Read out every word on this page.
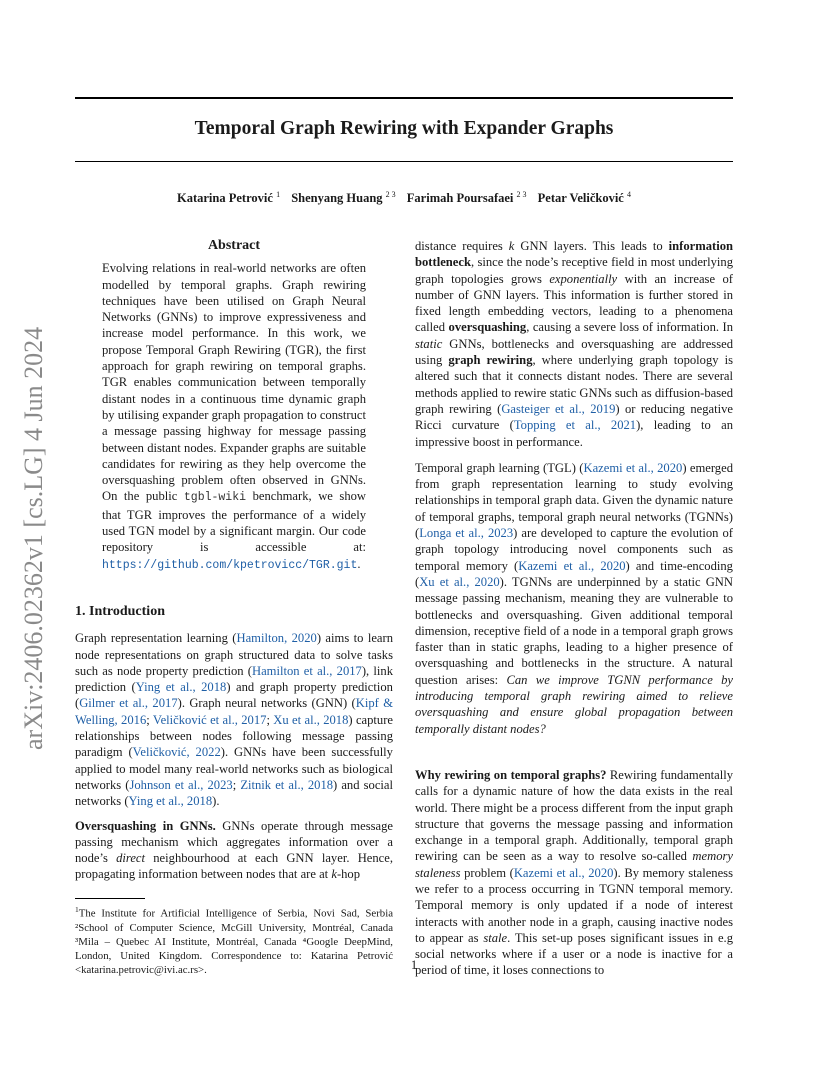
arXiv:2406.02362v1 [cs.LG] 4 Jun 2024
Temporal Graph Rewiring with Expander Graphs
Katarina Petrović $^1$ Shenyang Huang $^{2 3}$ Farimah Poursafaei $^{2 3}$ Petar Veličković $^4$
Abstract
Evolving relations in real-world networks are often modelled by temporal graphs. Graph rewiring techniques have been utilised on Graph Neural Networks (GNNs) to improve expressiveness and increase model performance. In this work, we propose Temporal Graph Rewiring (TGR), the first approach for graph rewiring on temporal graphs. TGR enables communication between temporally distant nodes in a continuous time dynamic graph by utilising expander graph propagation to construct a message passing highway for message passing between distant nodes. Expander graphs are suitable candidates for rewiring as they help overcome the oversquashing problem often observed in GNNs. On the public tgbl-wiki benchmark, we show that TGR improves the performance of a widely used TGN model by a significant margin. Our code repository is accessible at: https://github.com/kpetrovicc/TGR.git.
1. Introduction

Graph representation learning (Hamilton, 2020) aims to learn node representations on graph structured data to solve tasks such as node property prediction (Hamilton et al., 2017), link prediction (Ying et al., 2018) and graph property prediction (Gilmer et al., 2017). Graph neural networks (GNN) (Kipf & Welling, 2016; Veličković et al., 2017; Xu et al., 2018) capture relationships between nodes following message passing paradigm (Veličković, 2022). GNNs have been successfully applied to model many real-world networks such as biological networks (Johnson et al., 2023; Zitnik et al., 2018) and social networks (Ying et al., 2018).

Oversquashing in GNNs. GNNs operate through message passing mechanism which aggregates information over a node’s direct neighbourhood at each GNN layer. Hence, propagating information between nodes that are at k-hop

$^1$The Institute for Artificial Intelligence of Serbia, Novi Sad, Serbia ²School of Computer Science, McGill University, Montréal, Canada ³Mila – Quebec AI Institute, Montréal, Canada ⁴Google DeepMind, London, United Kingdom. Correspondence to: Katarina Petrović <katarina.petrovic@ivi.ac.rs>.

distance requires k GNN layers. This leads to information bottleneck, since the node’s receptive field in most underlying graph topologies grows exponentially with an increase of number of GNN layers. This information is further stored in fixed length embedding vectors, leading to a phenomena called oversquashing, causing a severe loss of information. In static GNNs, bottlenecks and oversquashing are addressed using graph rewiring, where underlying graph topology is altered such that it connects distant nodes. There are several methods applied to rewire static GNNs such as diffusion-based graph rewiring (Gasteiger et al., 2019) or reducing negative Ricci curvature (Topping et al., 2021), leading to an impressive boost in performance.

Temporal graph learning (TGL) (Kazemi et al., 2020) emerged from graph representation learning to study evolving relationships in temporal graph data. Given the dynamic nature of temporal graphs, temporal graph neural networks (TGNNs) (Longa et al., 2023) are developed to capture the evolution of graph topology introducing novel components such as temporal memory (Kazemi et al., 2020) and time-encoding (Xu et al., 2020). TGNNs are underpinned by a static GNN message passing mechanism, meaning they are vulnerable to bottlenecks and oversquashing. Given additional temporal dimension, receptive field of a node in a temporal graph grows faster than in static graphs, leading to a higher presence of oversquashing and bottlenecks in the structure. A natural question arises: Can we improve TGNN performance by introducing temporal graph rewiring aimed to relieve oversquashing and ensure global propagation between temporally distant nodes?

Why rewiring on temporal graphs? Rewiring fundamentally calls for a dynamic nature of how the data exists in the real world. There might be a process different from the input graph structure that governs the message passing and information exchange in a temporal graph. Additionally, temporal graph rewiring can be seen as a way to resolve so-called memory staleness problem (Kazemi et al., 2020). By memory staleness we refer to a process occurring in TGNN temporal memory. Temporal memory is only updated if a node of interest interacts with another node in a graph, causing inactive nodes to appear as stale. This set-up poses significant issues in e.g social networks where if a user or a node is inactive for a period of time, it loses connections to

1
